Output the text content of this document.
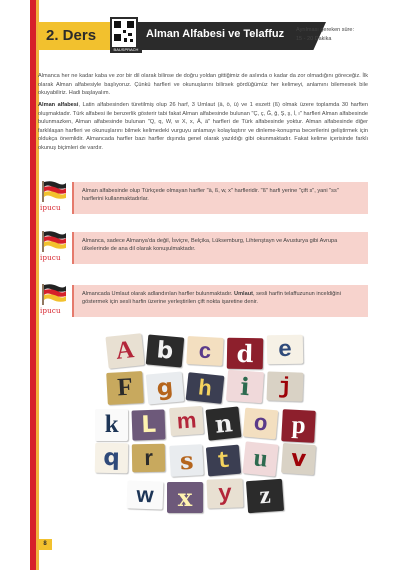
2. Ders
BAUSPRACH
Alman Alfabesi ve Telaffuz Ayrılması gereken süre:
15 - 20 Dakika

Almanca her ne kadar kaba ve zor bir dil olarak bilinse de doğru yoldan gittiğimiz de aslında o kadar da zor olmadığını göreceğiz. İlk olarak Alman alfabesiyle başlıyoruz. Çünkü harfleri ve okunuşlarını bilirsek gördüğümüz her kelimeyi, anlamını bilemesek bile okuyabiliriz. Hadi başlayalım.

Alman alfabesi, Latin alfabesinden türetilmiş olup 26 harf, 3 Umlaut (ä, ö, ü) ve 1 eszett (ß) olmak üzere toplamda 30 harften oluşmaktadır. Türk alfabesi ile benzerlik gösterir tabi fakat Alman alfabesinde bulunan "Ç, ç, Ğ, ğ, Ş, ş, İ, ı" harfleri Alman alfabesinde bulunmazken, Alman alfabesinde bulunan "Q, q, W, w X, x, Ä, ä" harfleri de Türk alfabesinde yoktur. Alman alfabesinde diğer farklılaşan harfleri ve okunuşlarını bilmek kelimedeki vurguyu anlamayı kolaylaştırır ve dinleme-konuşma becerilerini geliştirmek için oldukça önemlidir. Almancada harfler bazı harfler dışında genel olarak yazıldığı gibi okunmaktadır. Fakat kelime içerisinde farklı okunuş biçimleri de vardır.

ipucu
Alman alfabesinde olup Türkçede olmayan harfler "ä, ß, w, x" harfleridir. "ß" harfi yerine "çift s", yani "ss" harflerini kullanmaktadırlar.
ipucu
Almanca, sadece Almanya'da değil, İsviçre, Belçika, Lüksemburg, Lihtenştayn ve Avusturya gibi Avrupa ülkelerinde de ana dil olarak konuşulmaktadır.
ipucu
Almancada Umlaut olarak adlandırılan harfler bulunmaktadır. Umlaut, sesli harfin telaffuzunun inceldiğini göstermek için sesli harfin üzerine yerleştirilen çift nokta işaretine denir.
A b	c	d	e
F g	h	i	j
k L m n o p
q	r	s t u v
w x	y	z
8
